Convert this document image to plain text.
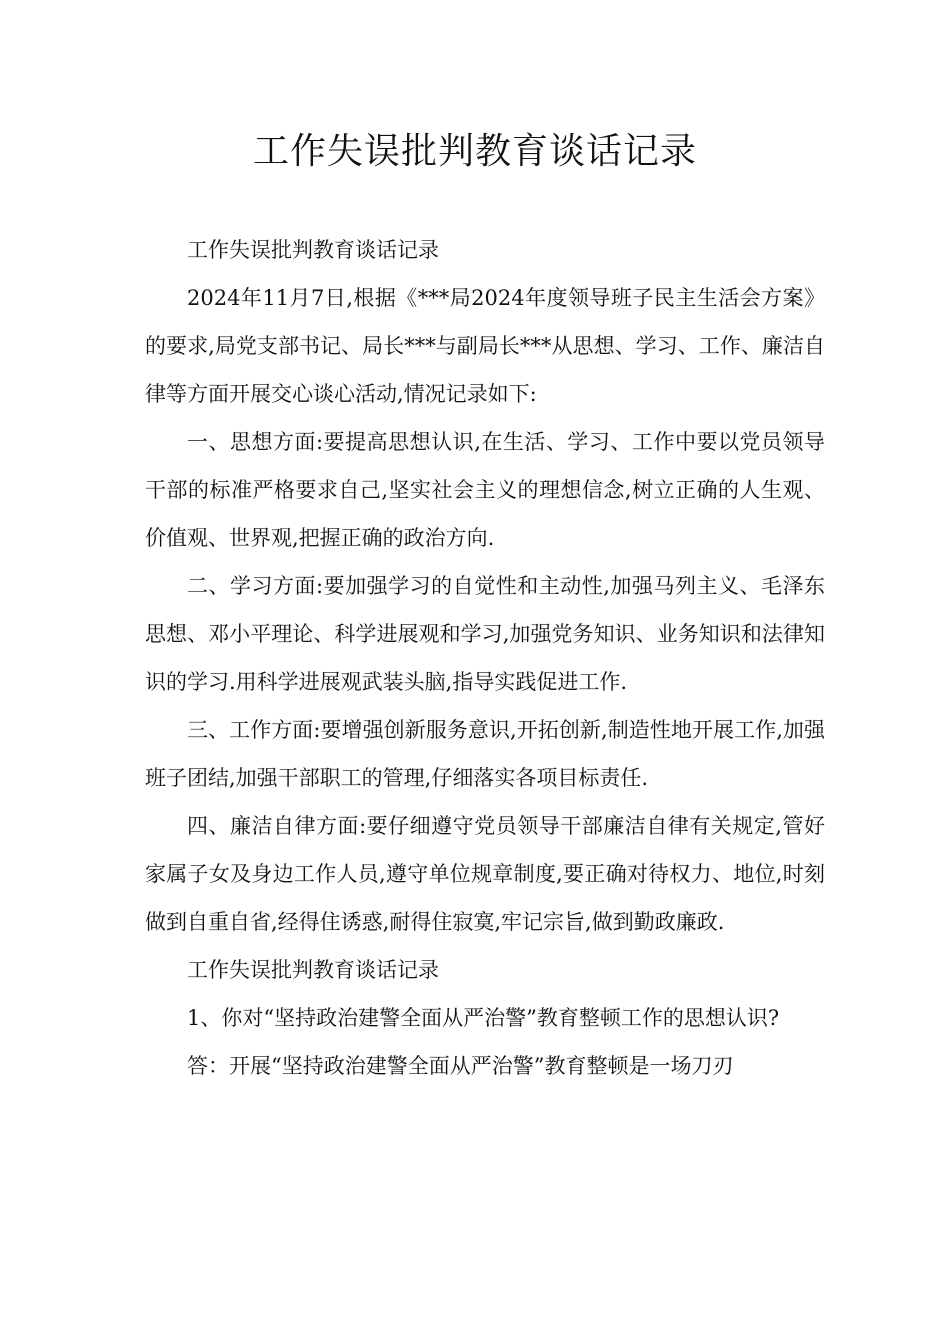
工作失误批判教育谈话记录

工作失误批判教育谈话记录

2024年11月7日,根据《***局2024年度领导班子民主生活会方案》的要求,局党支部书记、局长***与副局长***从思想、学习、工作、廉洁自律等方面开展交心谈心活动,情况记录如下:

一、思想方面:要提高思想认识,在生活、学习、工作中要以党员领导干部的标准严格要求自己,坚实社会主义的理想信念,树立正确的人生观、价值观、世界观,把握正确的政治方向.

二、学习方面:要加强学习的自觉性和主动性,加强马列主义、毛泽东思想、邓小平理论、科学进展观和学习,加强党务知识、业务知识和法律知识的学习.用科学进展观武装头脑,指导实践促进工作.

三、工作方面:要增强创新服务意识,开拓创新,制造性地开展工作,加强班子团结,加强干部职工的管理,仔细落实各项目标责任.

四、廉洁自律方面:要仔细遵守党员领导干部廉洁自律有关规定,管好家属子女及身边工作人员,遵守单位规章制度,要正确对待权力、地位,时刻做到自重自省,经得住诱惑,耐得住寂寞,牢记宗旨,做到勤政廉政.

工作失误批判教育谈话记录

1、你对“坚持政治建警全面从严治警”教育整顿工作的思想认识?

答：开展“坚持政治建警全面从严治警”教育整顿是一场刀刃
